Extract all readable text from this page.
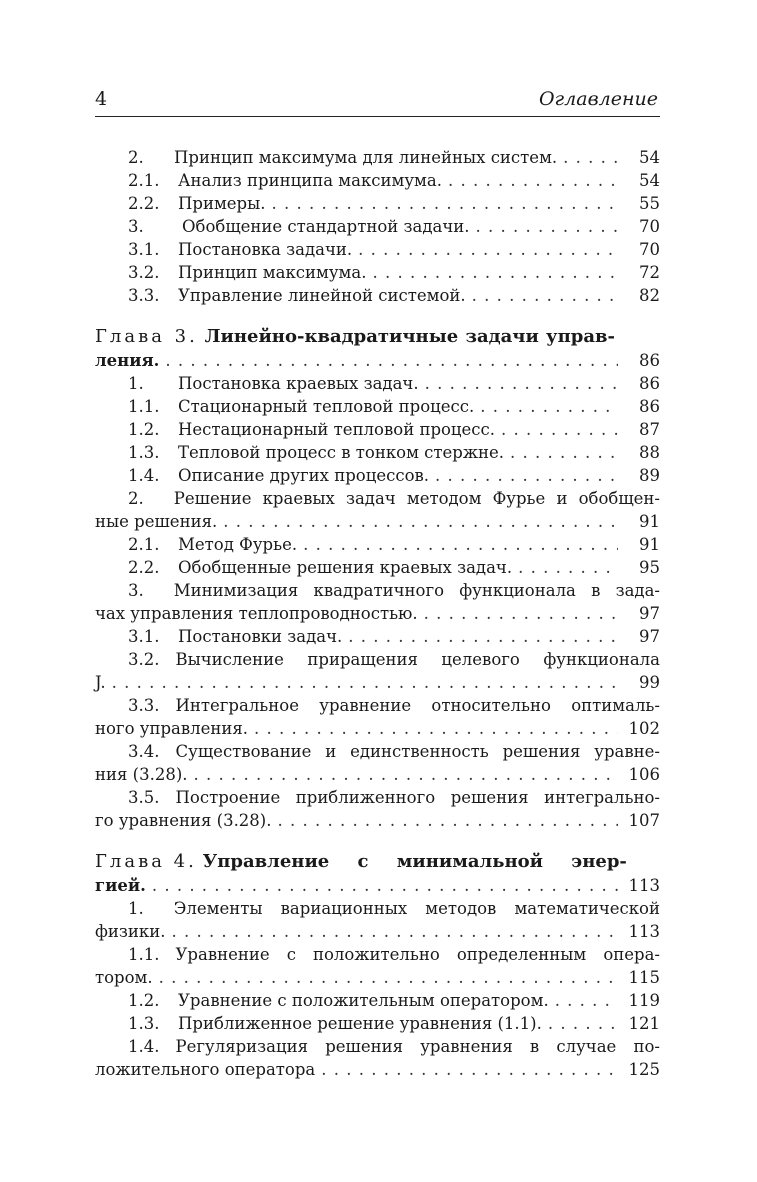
4	Оглавление
2.	Принцип максимума для линейных систем. . . .	54
2.1.	Анализ принципа максимума. . . .	54
2.2.	Примеры. . . .	55
3.	Обобщение стандартной задачи. . . .	70
3.1.	Постановка задачи. . . .	70
3.2.	Принцип максимума. . . .	72
3.3.	Управление линейной системой. . . .	82
Глава 3. Линейно-квадратичные задачи управ-
ления. . . .	86
1.	Постановка краевых задач. . . .	86
1.1.	Стационарный тепловой процесс. . . .	86
1.2.	Нестационарный тепловой процесс. . . .	87
1.3.	Тепловой процесс в тонком стержне. . . .	88
1.4.	Описание других процессов. . . .	89
2. Решение краевых задач методом Фурье и обобщен-
ные решения. . . .	91
2.1.	Метод Фурье. . . .	91
2.2.	Обобщенные решения краевых задач. . . .	95
3. Минимизация квадратичного функционала в зада-
чах управления теплопроводностью. . . .	97
3.1.	Постановки задач. . . .	97
3.2. Вычисление приращения целевого функционала
J. . . .	99
3.3. Интегральное уравнение относительно оптималь-
ного управления. . . .	102
3.4. Существование и единственность решения уравне-
ния (3.28). . . .	106
3.5. Построение приближенного решения интегрально-
го уравнения (3.28). . . .	107
Глава 4. Управление с минимальной энер-
гией. . . .	113
1. Элементы вариационных методов математической
физики. . . .	113
1.1. Уравнение с положительно определенным опера-
тором. . . .	115
1.2.	Уравнение с положительным оператором. . . .	119
1.3.	Приближенное решение уравнения (1.1). . . .	121
1.4. Регуляризация решения уравнения в случае по-
ложительного оператора . . .	125
